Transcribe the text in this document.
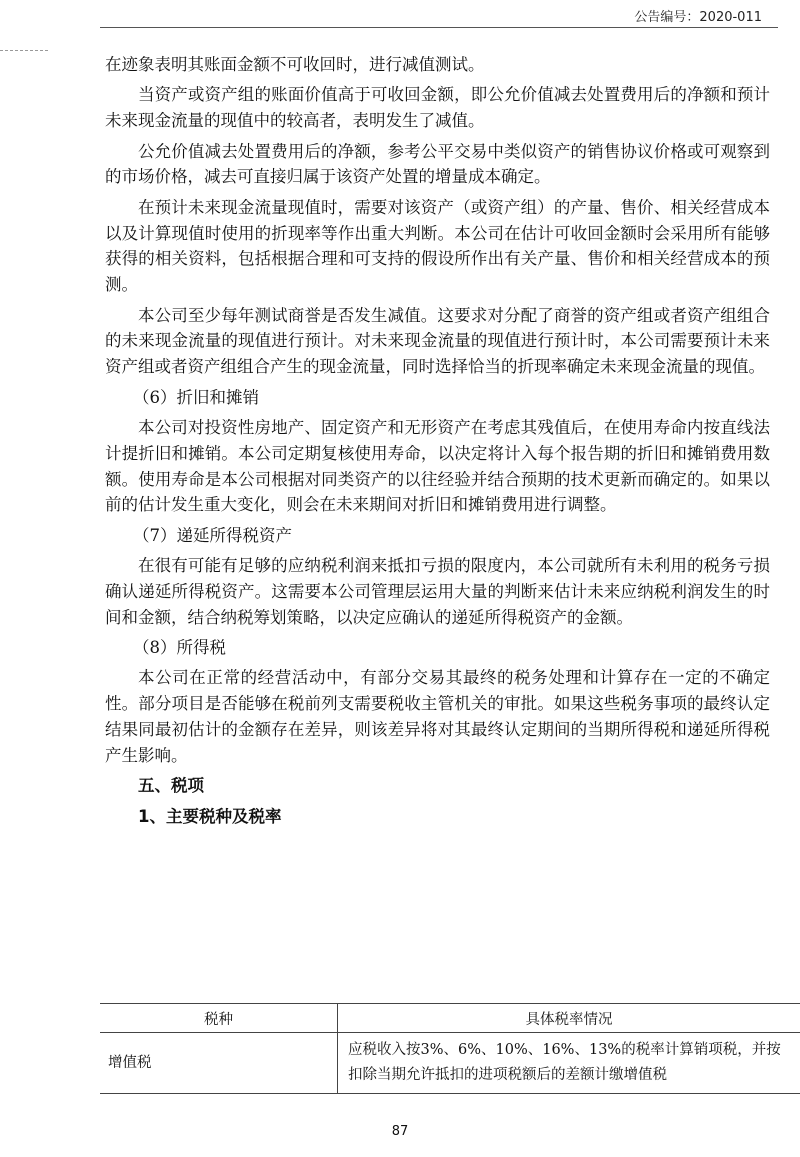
公告编号：2020-011

在迹象表明其账面金额不可收回时，进行减值测试。

当资产或资产组的账面价值高于可收回金额，即公允价值减去处置费用后的净额和预计未来现金流量的现值中的较高者，表明发生了减值。

公允价值减去处置费用后的净额，参考公平交易中类似资产的销售协议价格或可观察到的市场价格，减去可直接归属于该资产处置的增量成本确定。

在预计未来现金流量现值时，需要对该资产（或资产组）的产量、售价、相关经营成本以及计算现值时使用的折现率等作出重大判断。本公司在估计可收回金额时会采用所有能够获得的相关资料，包括根据合理和可支持的假设所作出有关产量、售价和相关经营成本的预测。

本公司至少每年测试商誉是否发生减值。这要求对分配了商誉的资产组或者资产组组合的未来现金流量的现值进行预计。对未来现金流量的现值进行预计时，本公司需要预计未来资产组或者资产组组合产生的现金流量，同时选择恰当的折现率确定未来现金流量的现值。

（6）折旧和摊销

本公司对投资性房地产、固定资产和无形资产在考虑其残值后，在使用寿命内按直线法计提折旧和摊销。本公司定期复核使用寿命，以决定将计入每个报告期的折旧和摊销费用数额。使用寿命是本公司根据对同类资产的以往经验并结合预期的技术更新而确定的。如果以前的估计发生重大变化，则会在未来期间对折旧和摊销费用进行调整。

（7）递延所得税资产

在很有可能有足够的应纳税利润来抵扣亏损的限度内，本公司就所有未利用的税务亏损确认递延所得税资产。这需要本公司管理层运用大量的判断来估计未来应纳税利润发生的时间和金额，结合纳税筹划策略，以决定应确认的递延所得税资产的金额。

（8）所得税

本公司在正常的经营活动中，有部分交易其最终的税务处理和计算存在一定的不确定性。部分项目是否能够在税前列支需要税收主管机关的审批。如果这些税务事项的最终认定结果同最初估计的金额存在差异，则该差异将对其最终认定期间的当期所得税和递延所得税产生影响。

五、税项

1、主要税种及税率

税种	具体税率情况
增值税	应税收入按3%、6%、10%、16%、13%的税率计算销项税，并按扣除当期允许抵扣的进项税额后的差额计缴增值税
87
